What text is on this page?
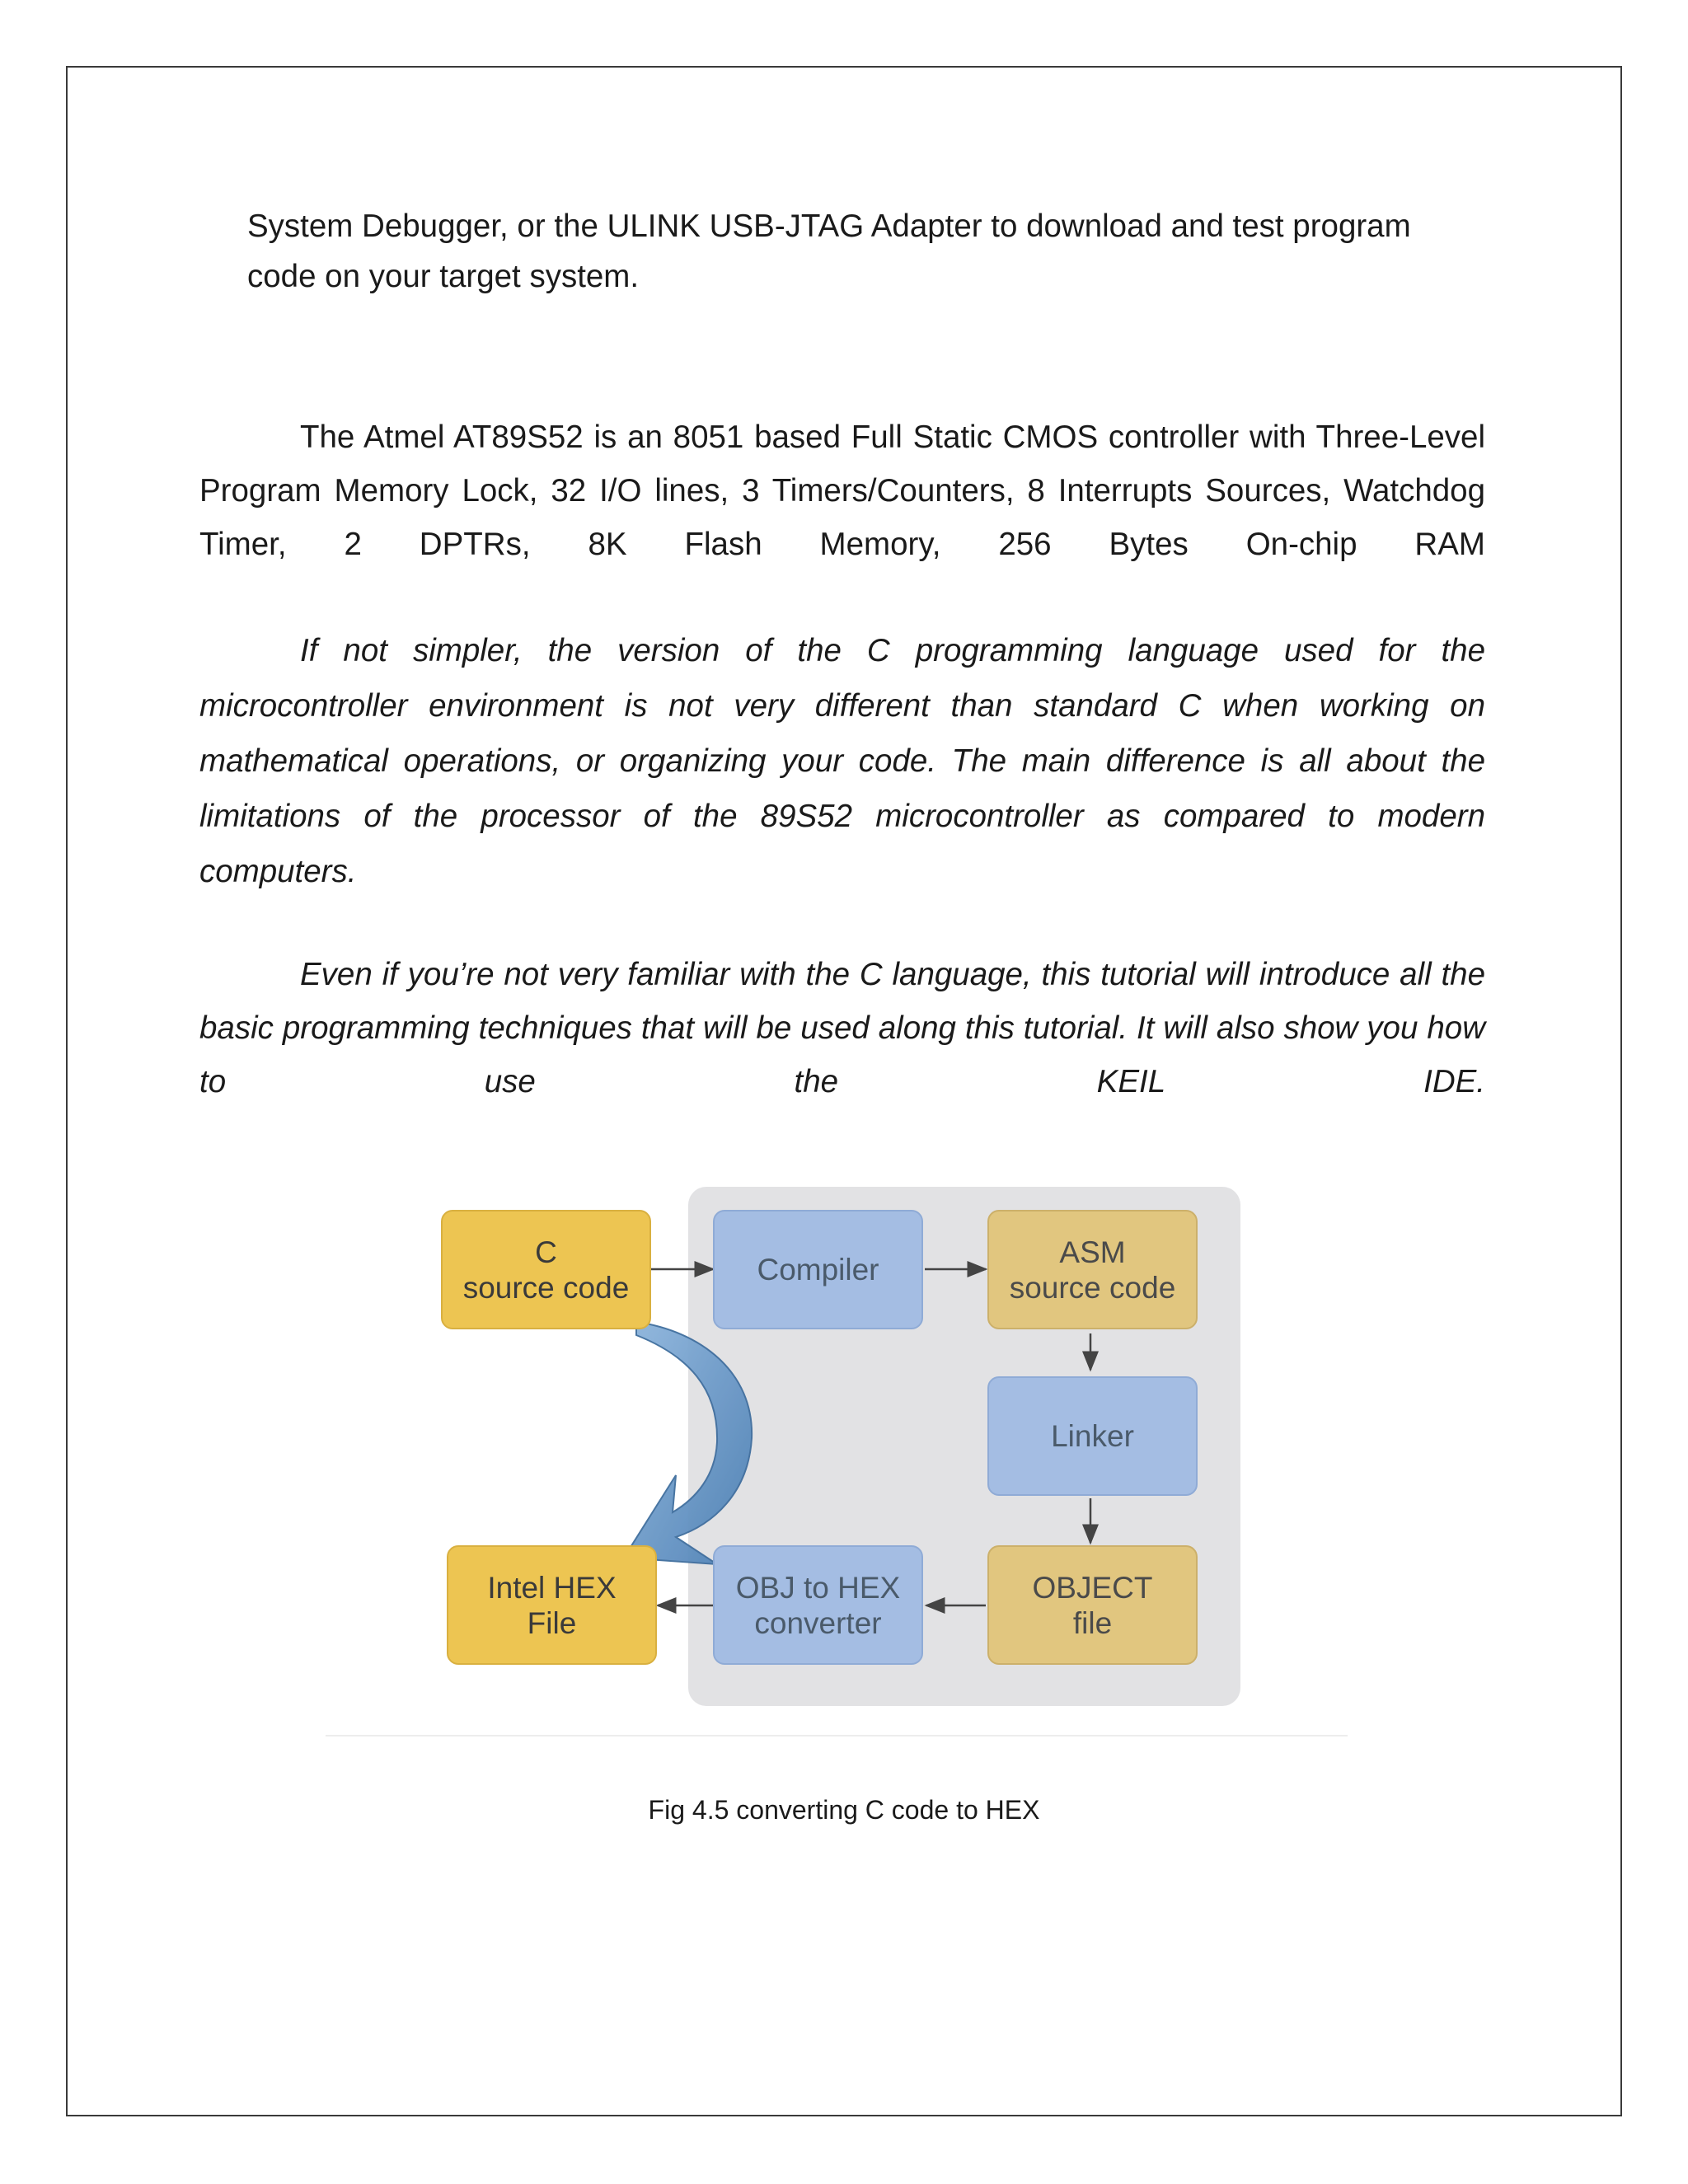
System Debugger, or the ULINK USB-JTAG Adapter to download and test program code on your target system.

The Atmel AT89S52 is an 8051 based Full Static CMOS controller with Three-Level Program Memory Lock, 32 I/O lines, 3 Timers/Counters, 8 Interrupts Sources, Watchdog Timer, 2 DPTRs, 8K Flash Memory, 256 Bytes On-chip RAM

If not simpler, the version of the C programming language used for the microcontroller environment is not very different than standard C when working on mathematical operations, or organizing your code. The main difference is all about the limitations of the processor of the 89S52 microcontroller as compared to modern computers.

Even if you’re not very familiar with the C language, this tutorial will introduce all the basic programming techniques that will be used along this tutorial. It will also show you how to use the KEIL IDE.

C
source code
Compiler
ASM
source code
Linker
OBJECT
file
OBJ to HEX
converter
Intel HEX
File

Fig 4.5 converting C code to HEX
